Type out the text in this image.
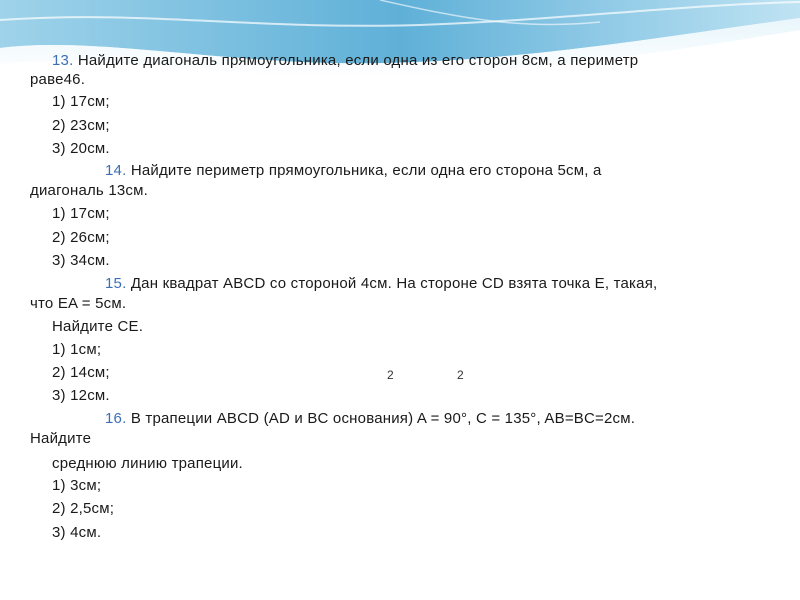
13. Найдите диагональ прямоугольника, если одна из его сторон 8см, а периметр
раве46.
1) 17см;
2) 23см;
3) 20см.
14. Найдите периметр прямоугольника, если одна его сторона 5см, а
диагональ 13см.
1) 17см;
2) 26см;
3) 34см.
15. Дан квадрат ABCD со стороной 4см. На стороне CD взята точка E, такая,
что EA = 5см.
Найдите CE.
1) 1см;
2) 14см;	2	2
3) 12см.
16. В трапеции ABCD (AD и BC основания) A = 90°, C = 135°, AB=BC=2см.
Найдите
среднюю линию трапеции.
1) 3см;
2) 2,5см;
3) 4см.
